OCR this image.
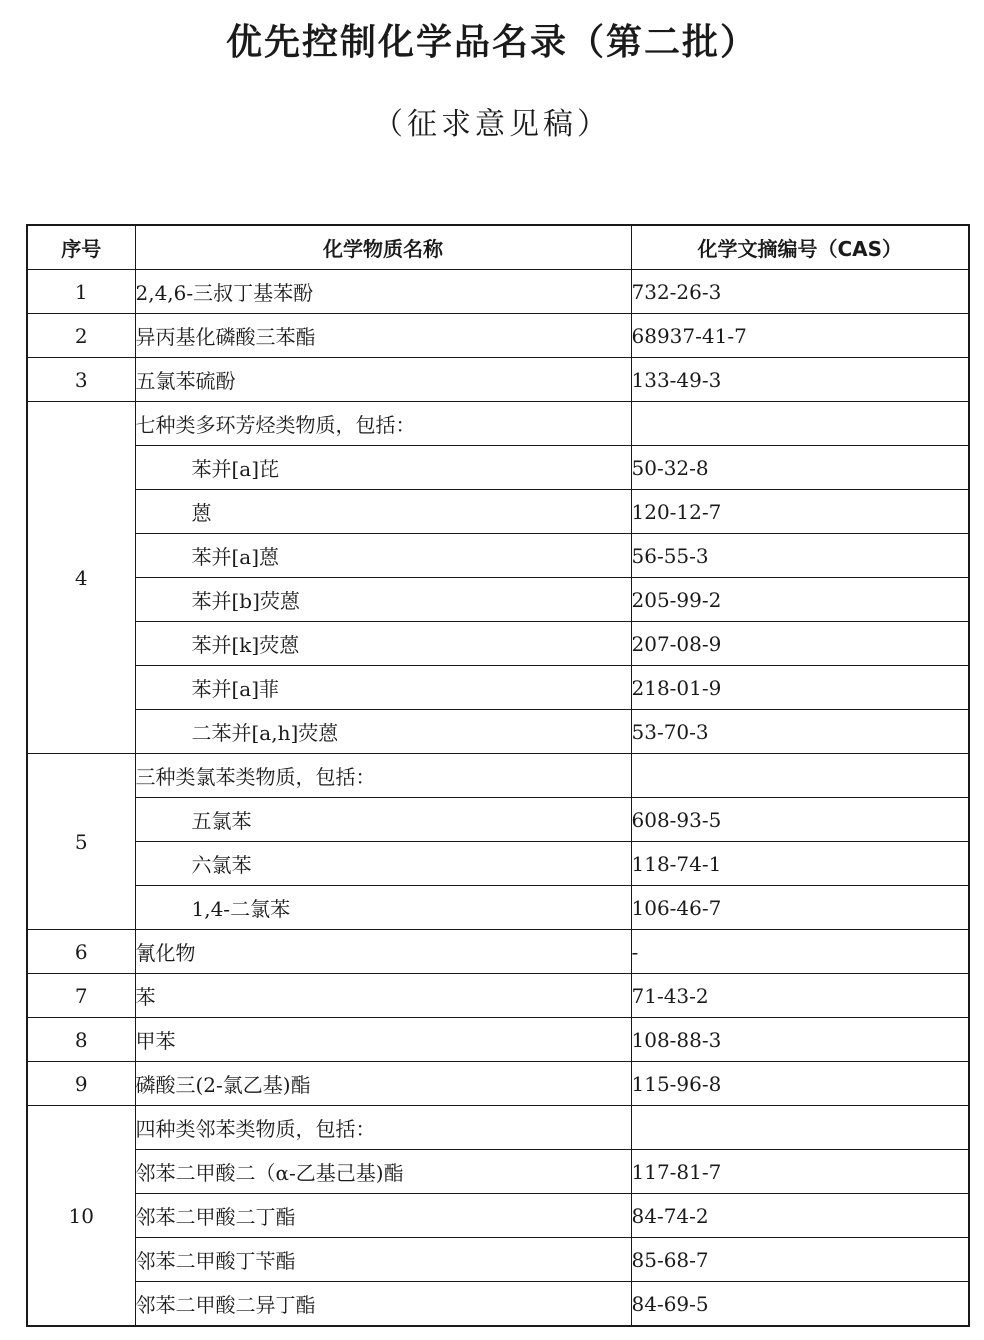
优先控制化学品名录（第二批）
（征求意见稿）
序号	化学物质名称	化学文摘编号（CAS）
1	2,4,6-三叔丁基苯酚	732-26-3
2	异丙基化磷酸三苯酯	68937-41-7
3	五氯苯硫酚	133-49-3
4	七种类多环芳烃类物质，包括：	
	苯并[a]芘	50-32-8
	蒽	120-12-7
	苯并[a]蒽	56-55-3
	苯并[b]荧蒽	205-99-2
	苯并[k]荧蒽	207-08-9
	苯并[a]菲	218-01-9
	二苯并[a,h]荧蒽	53-70-3
5	三种类氯苯类物质，包括：	
	五氯苯	608-93-5
	六氯苯	118-74-1
	1,4-二氯苯	106-46-7
6	氰化物	-
7	苯	71-43-2
8	甲苯	108-88-3
9	磷酸三(2-氯乙基)酯	115-96-8
10	四种类邻苯类物质，包括：	
	邻苯二甲酸二（α-乙基己基)酯	117-81-7
	邻苯二甲酸二丁酯	84-74-2
	邻苯二甲酸丁苄酯	85-68-7
	邻苯二甲酸二异丁酯	84-69-5
